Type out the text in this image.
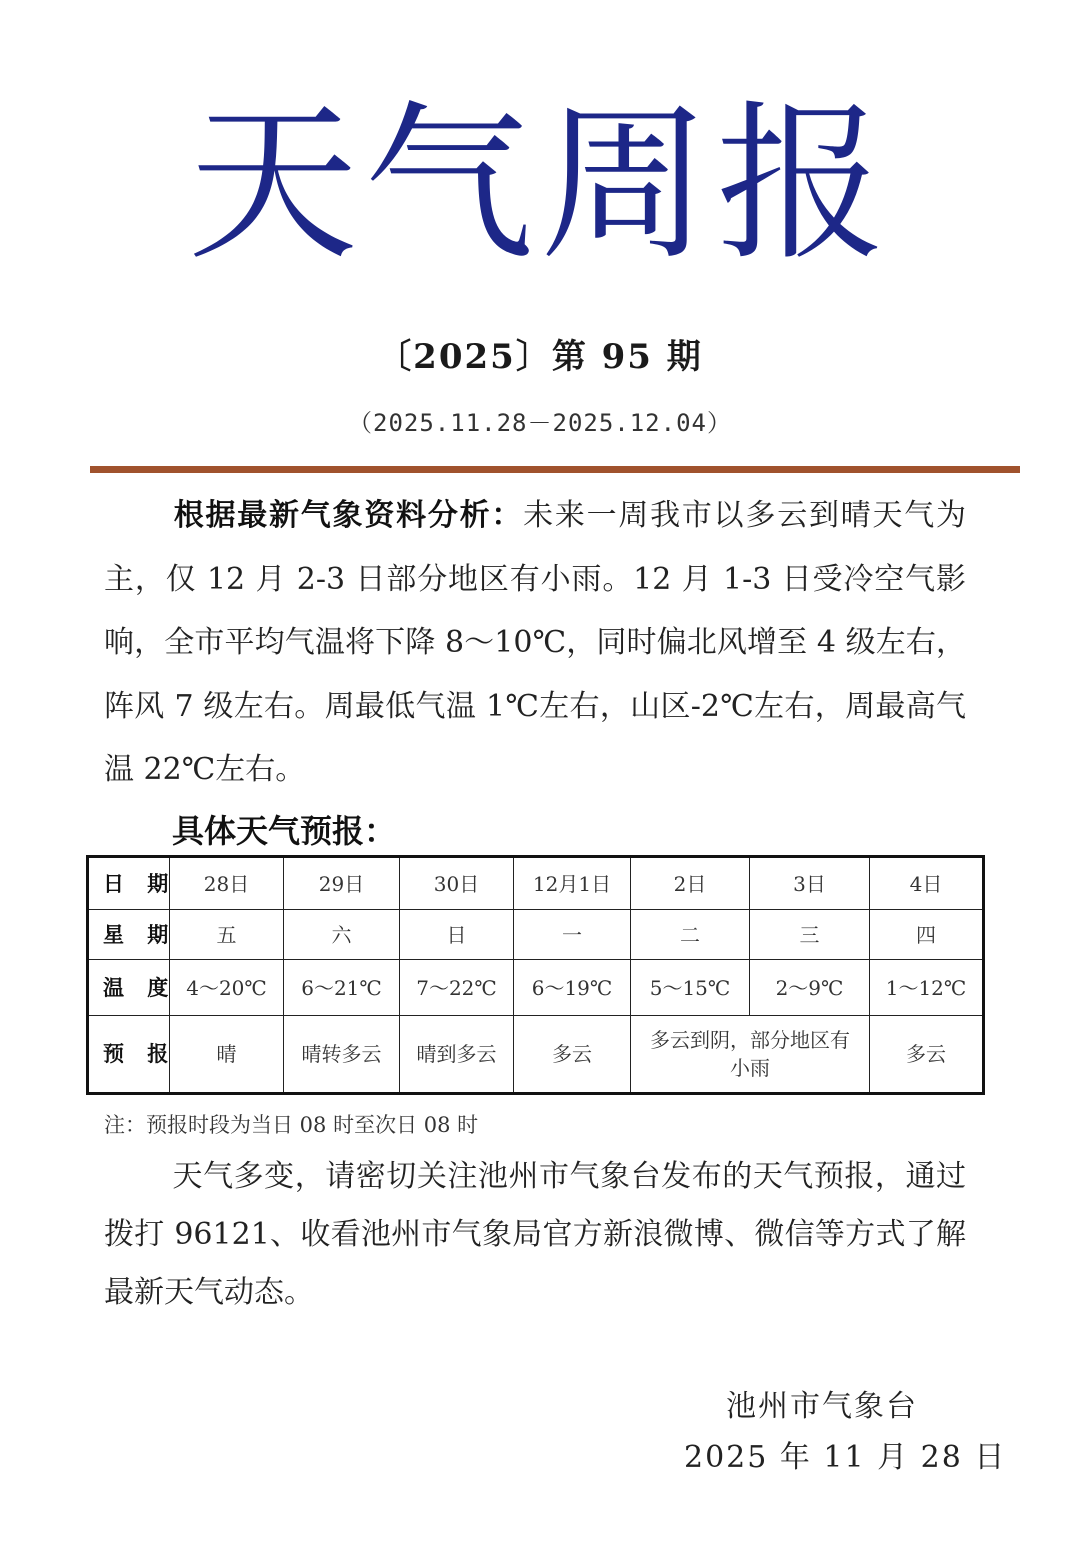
天气周报
〔2025〕第 95 期
（2025.11.28－2025.12.04）
根据最新气象资料分析：未来一周我市以多云到晴天气为主，仅 12 月 2-3 日部分地区有小雨。12 月 1-3 日受冷空气影响，全市平均气温将下降 8～10℃，同时偏北风增至 4 级左右，阵风 7 级左右。周最低气温 1℃左右，山区-2℃左右，周最高气温 22℃左右。
具体天气预报：
日 期	28日	29日	30日	12月1日	2日	3日	4日
星 期	五	六	日	一	二	三	四
温 度	4～20℃	6～21℃	7～22℃	6～19℃	5～15℃	2～9℃	1～12℃
预 报	晴	晴转多云	晴到多云	多云	多云到阴，部分地区有小雨		多云
注：预报时段为当日 08 时至次日 08 时
天气多变，请密切关注池州市气象台发布的天气预报，通过拨打 96121、收看池州市气象局官方新浪微博、微信等方式了解最新天气动态。
池州市气象台
2025 年 11 月 28 日
